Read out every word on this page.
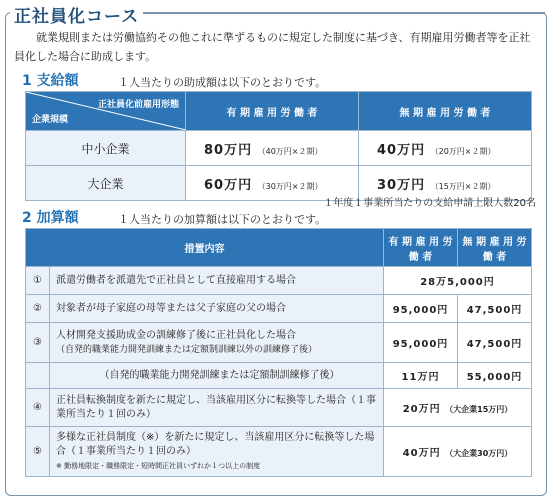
正社員化コース
就業規則または労働協約その他これに準ずるものに規定した制度に基づき、有期雇用労働者等を正社員化した場合に助成します。
1 支給額	１人当たりの助成額は以下のとおりです。
正社員化前雇用形態
企業規模	有 期 雇 用 労 働 者	無 期 雇 用 労 働 者
中小企業	80万円 （40万円×２期）	40万円 （20万円×２期）
大企業	60万円 （30万円×２期）	30万円 （15万円×２期）
１年度１事業所当たりの支給申請上限人数20名
2 加算額	１人当たりの加算額は以下のとおりです。
措置内容		有 期 雇 用 労 働 者	無 期 雇 用 労 働 者
①	派遣労働者を派遣先で正社員として直接雇用する場合	28万5,000円	
②	対象者が母子家庭の母等または父子家庭の父の場合	95,000円	47,500円
③	人材開発支援助成金の訓練修了後に正社員化した場合
（自発的職業能力開発訓練または定額制訓練以外の訓練修了後）	95,000円	47,500円
	（自発的職業能力開発訓練または定額制訓練修了後）	11万円	55,000円
④	正社員転換制度を新たに規定し、当該雇用区分に転換等した場合（１事業所当たり１回のみ）	20万円 （大企業15万円）	
⑤	多様な正社員制度（※）を新たに規定し、当該雇用区分に転換等した場合（１事業所当たり１回のみ）
※ 勤務地限定・職務限定・短時間正社員いずれか１つ以上の制度	40万円 （大企業30万円）	
